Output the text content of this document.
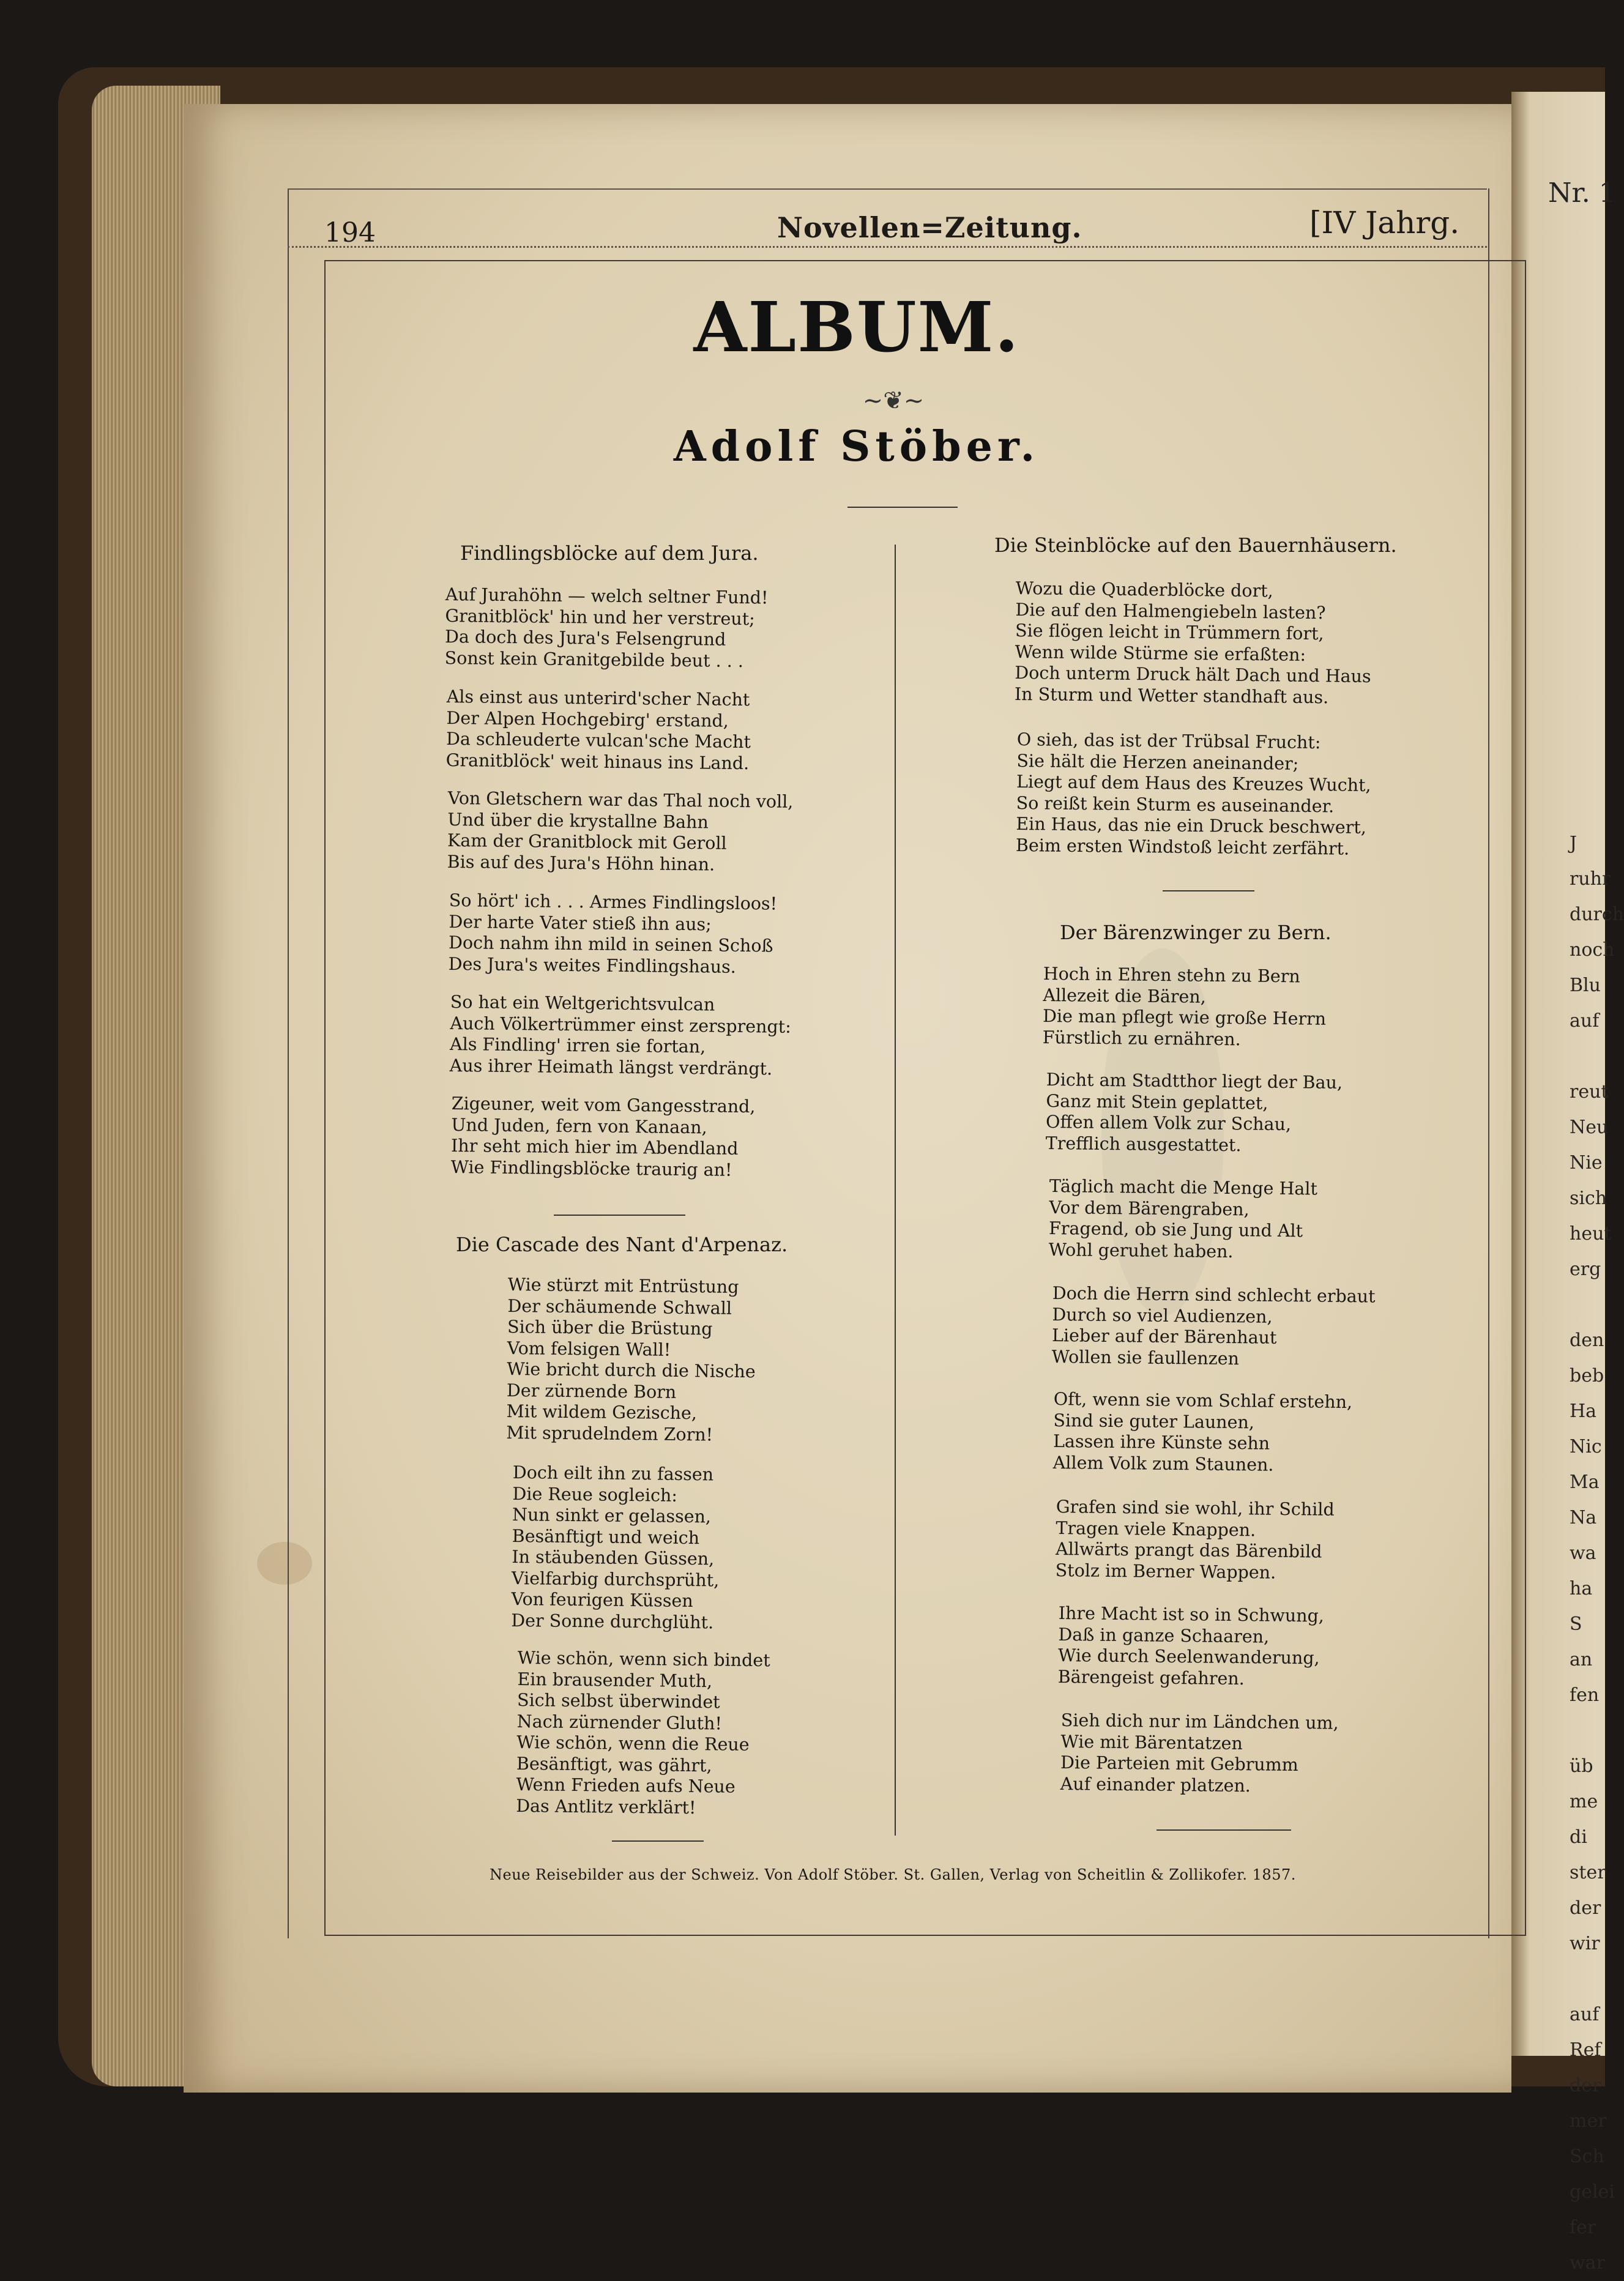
Nr. 1
J
ruhr
durch
noch
Blu
auf

reut
Neu
Nie
sich
heut
erg

den
beb
Ha
Nic
Ma
Na
wa
ha
S
an
fen

üb
me
di
ster
der
wir

auf
Ref
der
mer
Sch
gelei
fer
war
194	Novellen=Zeitung.	[IV Jahrg.
ALBUM.
~❦~
Adolf Stöber.
Findlingsblöcke auf dem Jura.
Auf Jurahöhn — welch seltner Fund!
Granitblöck' hin und her verstreut;
Da doch des Jura's Felsengrund
Sonst kein Granitgebilde beut . . .
Als einst aus unterird'scher Nacht
Der Alpen Hochgebirg' erstand,
Da schleuderte vulcan'sche Macht
Granitblöck' weit hinaus ins Land.
Von Gletschern war das Thal noch voll,
Und über die krystallne Bahn
Kam der Granitblock mit Geroll
Bis auf des Jura's Höhn hinan.
So hört' ich . . . Armes Findlingsloos!
Der harte Vater stieß ihn aus;
Doch nahm ihn mild in seinen Schoß
Des Jura's weites Findlingshaus.
So hat ein Weltgerichtsvulcan
Auch Völkertrümmer einst zersprengt:
Als Findling' irren sie fortan,
Aus ihrer Heimath längst verdrängt.
Zigeuner, weit vom Gangesstrand,
Und Juden, fern von Kanaan,
Ihr seht mich hier im Abendland
Wie Findlingsblöcke traurig an!
Die Cascade des Nant d'Arpenaz.
Wie stürzt mit Entrüstung
Der schäumende Schwall
Sich über die Brüstung
Vom felsigen Wall!
Wie bricht durch die Nische
Der zürnende Born
Mit wildem Gezische,
Mit sprudelndem Zorn!
Doch eilt ihn zu fassen
Die Reue sogleich:
Nun sinkt er gelassen,
Besänftigt und weich
In stäubenden Güssen,
Vielfarbig durchsprüht,
Von feurigen Küssen
Der Sonne durchglüht.
Wie schön, wenn sich bindet
Ein brausender Muth,
Sich selbst überwindet
Nach zürnender Gluth!
Wie schön, wenn die Reue
Besänftigt, was gährt,
Wenn Frieden aufs Neue
Das Antlitz verklärt!
Die Steinblöcke auf den Bauernhäusern.
Wozu die Quaderblöcke dort,
Die auf den Halmengiebeln lasten?
Sie flögen leicht in Trümmern fort,
Wenn wilde Stürme sie erfaßten:
Doch unterm Druck hält Dach und Haus
In Sturm und Wetter standhaft aus.
O sieh, das ist der Trübsal Frucht:
Sie hält die Herzen aneinander;
Liegt auf dem Haus des Kreuzes Wucht,
So reißt kein Sturm es auseinander.
Ein Haus, das nie ein Druck beschwert,
Beim ersten Windstoß leicht zerfährt.
Der Bärenzwinger zu Bern.
Hoch in Ehren stehn zu Bern
Allezeit die Bären,
Die man pflegt wie große Herrn
Fürstlich zu ernähren.
Dicht am Stadtthor liegt der Bau,
Ganz mit Stein geplattet,
Offen allem Volk zur Schau,
Trefflich ausgestattet.
Täglich macht die Menge Halt
Vor dem Bärengraben,
Fragend, ob sie Jung und Alt
Wohl geruhet haben.
Doch die Herrn sind schlecht erbaut
Durch so viel Audienzen,
Lieber auf der Bärenhaut
Wollen sie faullenzen
Oft, wenn sie vom Schlaf erstehn,
Sind sie guter Launen,
Lassen ihre Künste sehn
Allem Volk zum Staunen.
Grafen sind sie wohl, ihr Schild
Tragen viele Knappen.
Allwärts prangt das Bärenbild
Stolz im Berner Wappen.
Ihre Macht ist so in Schwung,
Daß in ganze Schaaren,
Wie durch Seelenwanderung,
Bärengeist gefahren.
Sieh dich nur im Ländchen um,
Wie mit Bärentatzen
Die Parteien mit Gebrumm
Auf einander platzen.
Neue Reisebilder aus der Schweiz. Von Adolf Stöber. St. Gallen, Verlag von Scheitlin & Zollikofer. 1857.
